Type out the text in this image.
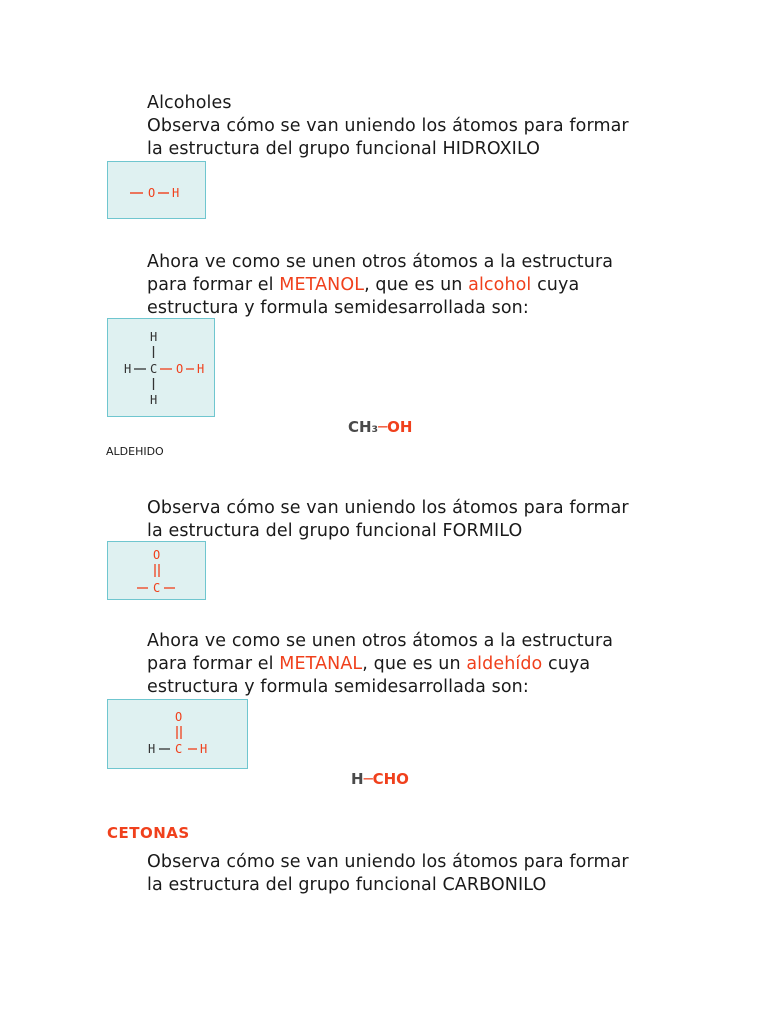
Alcoholes
Observa cómo se van uniendo los átomos para formar
la estructura del grupo funcional HIDROXILO
O H
Ahora ve como se unen otros átomos a la estructura
para formar el METANOL, que es un alcohol cuya
estructura y formula semidesarrollada son:
H
H C O H
H
CH₃─OH
ALDEHIDO
Observa cómo se van uniendo los átomos para formar
la estructura del grupo funcional FORMILO
O
C
Ahora ve como se unen otros átomos a la estructura
para formar el METANAL, que es un aldehído cuya
estructura y formula semidesarrollada son:
O
H C H
H─CHO
CETONAS
Observa cómo se van uniendo los átomos para formar
la estructura del grupo funcional CARBONILO
